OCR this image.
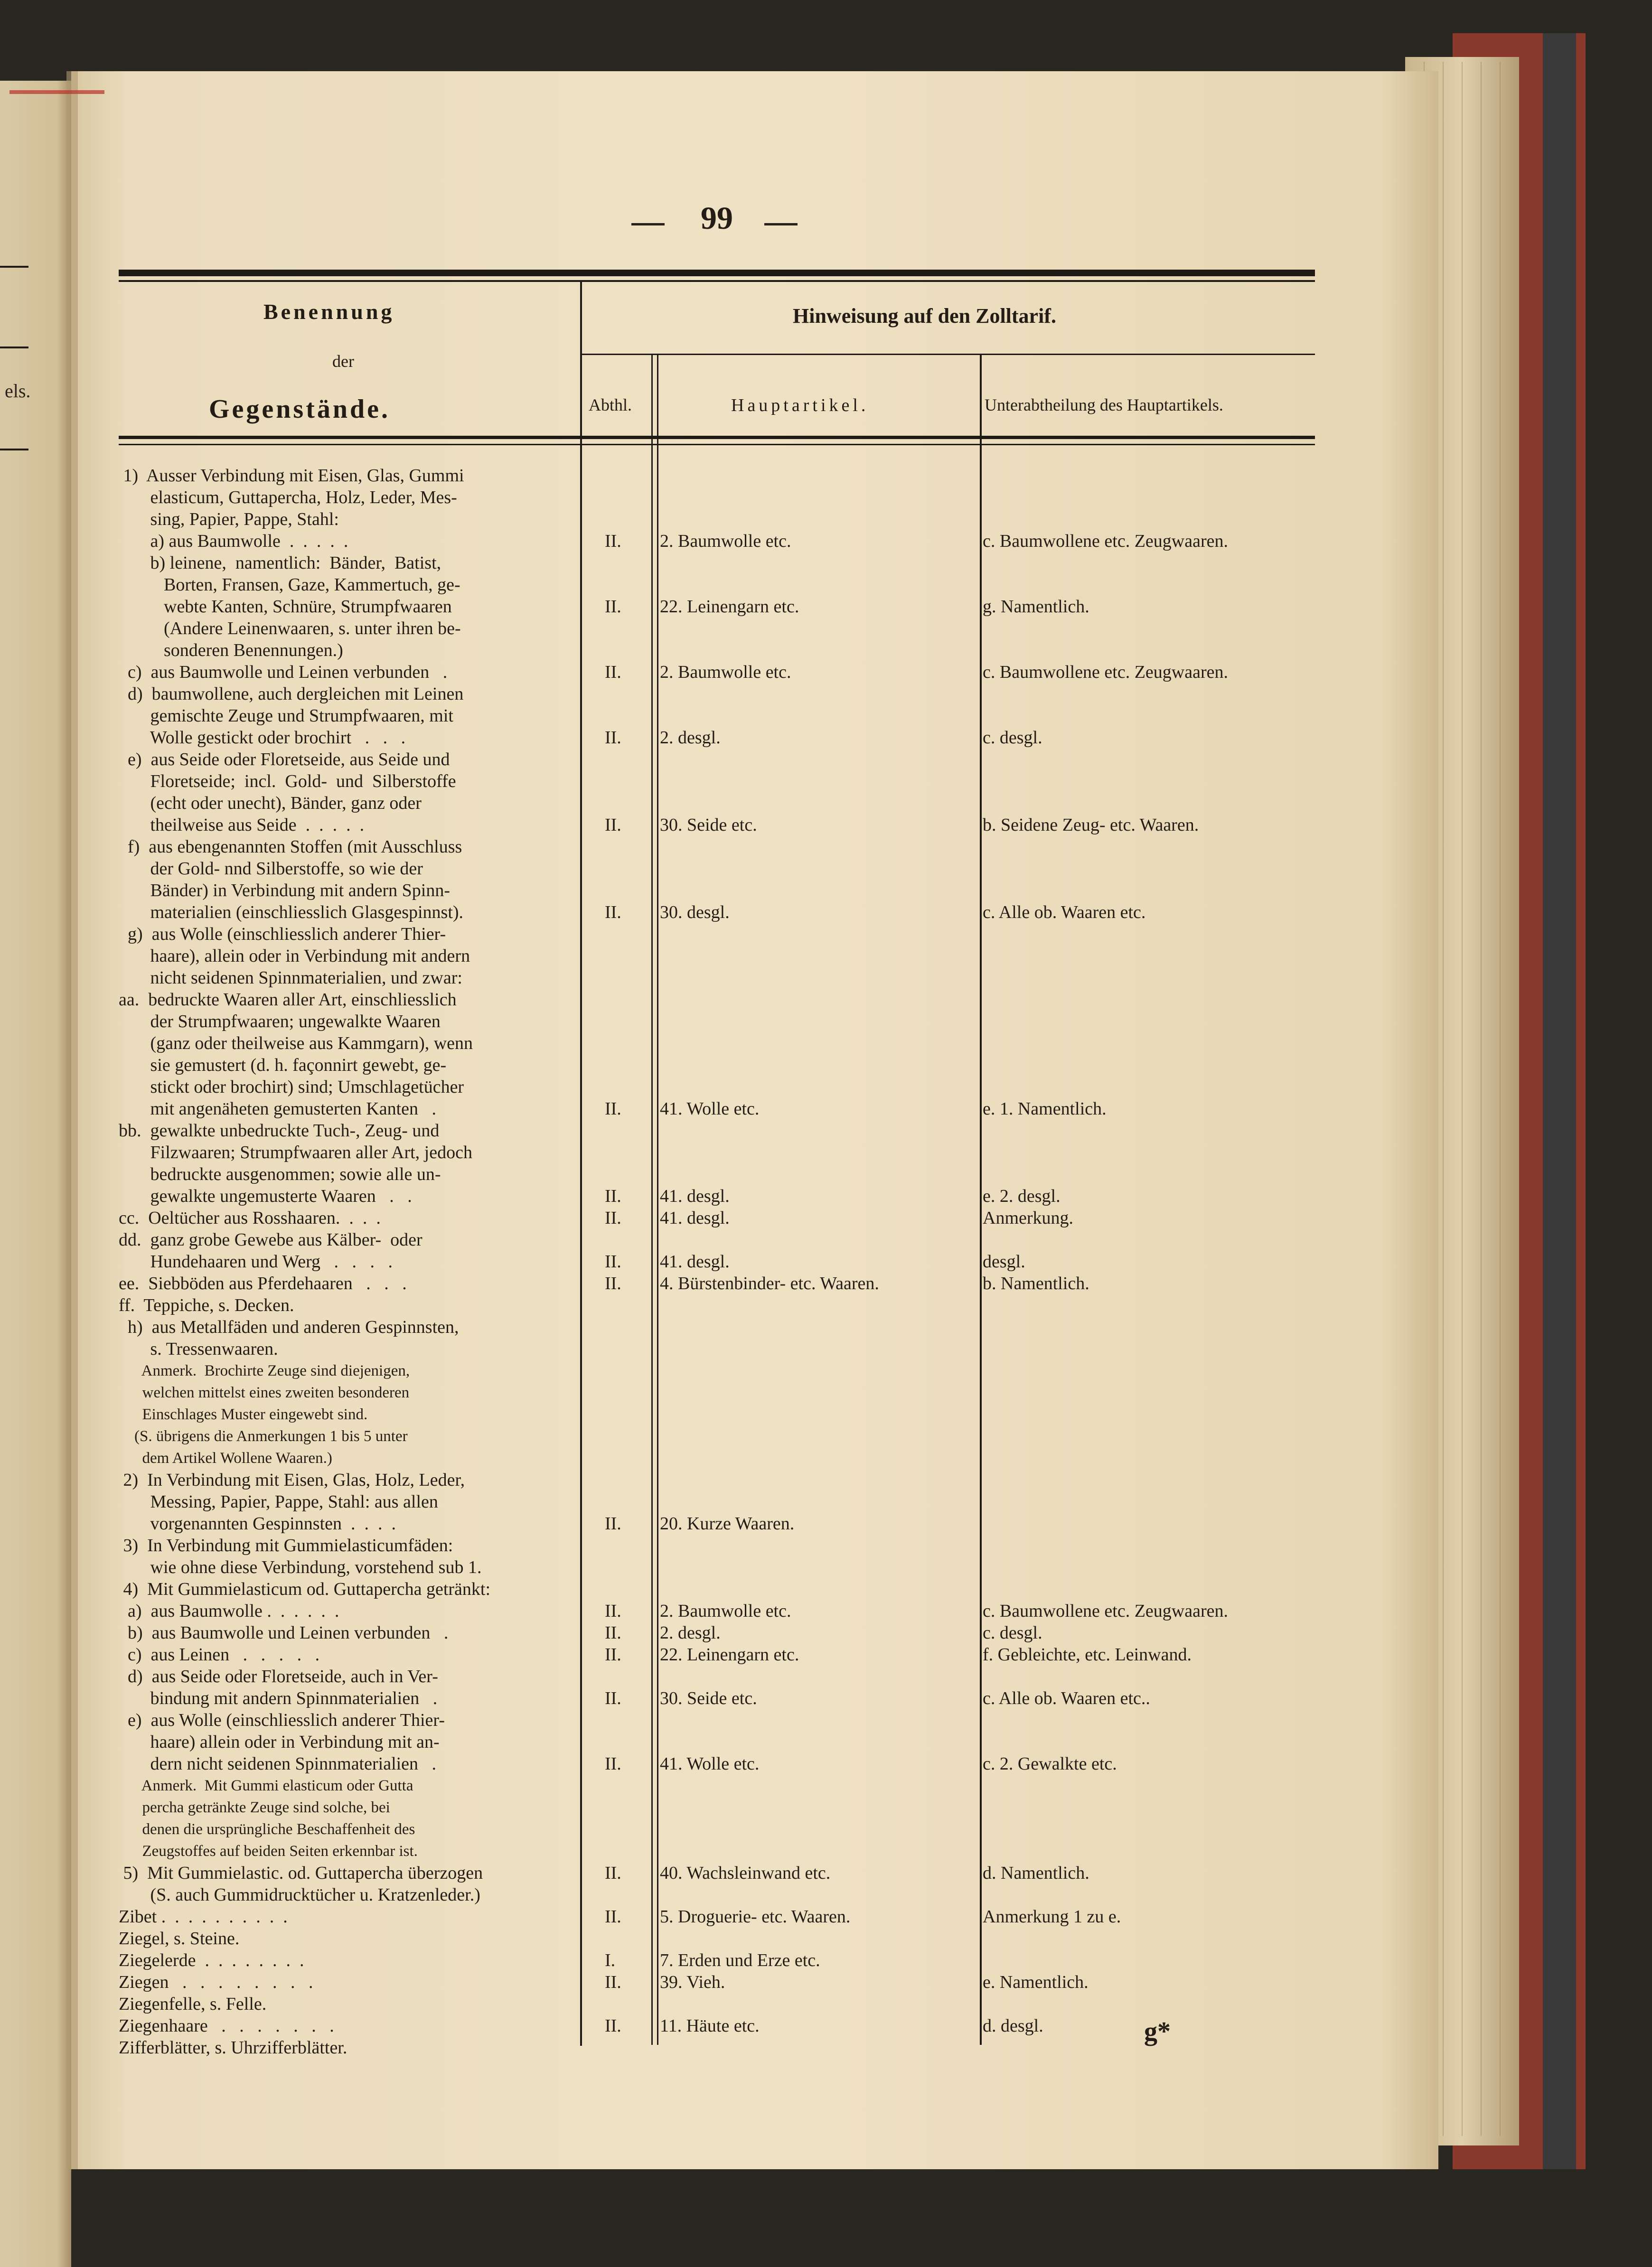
els.
99
Benennung
der
Gegenstände.
Hinweisung auf den Zolltarif.
Abthl.	Hauptartikel.	Unterabtheilung des Hauptartikels.
1)  Ausser Verbindung mit Eisen, Glas, Gummi
elasticum, Guttapercha, Holz, Leder, Mes-
sing, Papier, Pappe, Stahl:
a) aus Baumwolle  .  .  .  .  .	II. 2. Baumwolle etc.	c. Baumwollene etc. Zeugwaaren.
b) leinene,  namentlich:  Bänder,  Batist,
Borten, Fransen, Gaze, Kammertuch, ge-
webte Kanten, Schnüre, Strumpfwaaren	II. 22. Leinengarn etc.	g. Namentlich.
(Andere Leinenwaaren, s. unter ihren be-
sonderen Benennungen.)
c)  aus Baumwolle und Leinen verbunden   .	II. 2. Baumwolle etc.	c. Baumwollene etc. Zeugwaaren.
d)  baumwollene, auch dergleichen mit Leinen
gemischte Zeuge und Strumpfwaaren, mit
Wolle gestickt oder brochirt   .   .   .	II. 2. desgl.	c. desgl.
e)  aus Seide oder Floretseide, aus Seide und
Floretseide;  incl.  Gold-  und  Silberstoffe
(echt oder unecht), Bänder, ganz oder
theilweise aus Seide  .  .  .  .  .	II. 30. Seide etc.	b. Seidene Zeug- etc. Waaren.
f)  aus ebengenannten Stoffen (mit Ausschluss
der Gold- nnd Silberstoffe, so wie der
Bänder) in Verbindung mit andern Spinn-
materialien (einschliesslich Glasgespinnst).	II. 30. desgl.	c. Alle ob. Waaren etc.
g)  aus Wolle (einschliesslich anderer Thier-
haare), allein oder in Verbindung mit andern
nicht seidenen Spinnmaterialien, und zwar:
aa.  bedruckte Waaren aller Art, einschliesslich
der Strumpfwaaren; ungewalkte Waaren
(ganz oder theilweise aus Kammgarn), wenn
sie gemustert (d. h. façonnirt gewebt, ge-
stickt oder brochirt) sind; Umschlagetücher
mit angenäheten gemusterten Kanten   .	II. 41. Wolle etc.	e. 1. Namentlich.
bb.  gewalkte unbedruckte Tuch-, Zeug- und
Filzwaaren; Strumpfwaaren aller Art, jedoch
bedruckte ausgenommen; sowie alle un-
gewalkte ungemusterte Waaren   .   .	II. 41. desgl.	e. 2. desgl.
cc.  Oeltücher aus Rosshaaren.  .  .  .	II. 41. desgl.	Anmerkung.
dd.  ganz grobe Gewebe aus Kälber-  oder
Hundehaaren und Werg   .   .   .   .	II. 41. desgl.	desgl.
ee.  Siebböden aus Pferdehaaren   .   .   .	II. 4. Bürstenbinder- etc. Waaren.	b. Namentlich.
ff.  Teppiche, s. Decken.
h)  aus Metallfäden und anderen Gespinnsten,
s. Tressenwaaren.
Anmerk.  Brochirte Zeuge sind diejenigen,
welchen mittelst eines zweiten besonderen
Einschlages Muster eingewebt sind.
(S. übrigens die Anmerkungen 1 bis 5 unter
dem Artikel Wollene Waaren.)
2)  In Verbindung mit Eisen, Glas, Holz, Leder,
Messing, Papier, Pappe, Stahl: aus allen
vorgenannten Gespinnsten  .  .  .  .	II. 20. Kurze Waaren.
3)  In Verbindung mit Gummielasticumfäden:
wie ohne diese Verbindung, vorstehend sub 1.
4)  Mit Gummielasticum od. Guttapercha getränkt:
a)  aus Baumwolle .  .  .  .  .  .	II. 2. Baumwolle etc.	c. Baumwollene etc. Zeugwaaren.
b)  aus Baumwolle und Leinen verbunden   .	II. 2. desgl.	c. desgl.
c)  aus Leinen   .   .   .   .   .	II. 22. Leinengarn etc.	f. Gebleichte, etc. Leinwand.
d)  aus Seide oder Floretseide, auch in Ver-
bindung mit andern Spinnmaterialien   .	II. 30. Seide etc.	c. Alle ob. Waaren etc..
e)  aus Wolle (einschliesslich anderer Thier-
haare) allein oder in Verbindung mit an-
dern nicht seidenen Spinnmaterialien   .	II. 41. Wolle etc.	c. 2. Gewalkte etc.
Anmerk.  Mit Gummi elasticum oder Gutta
percha getränkte Zeuge sind solche, bei
denen die ursprüngliche Beschaffenheit des
Zeugstoffes auf beiden Seiten erkennbar ist.
5)  Mit Gummielastic. od. Guttapercha überzogen	II. 40. Wachsleinwand etc.	d. Namentlich.
(S. auch Gummidrucktücher u. Kratzenleder.)
Zibet .  .  .  .  .  .  .  .  .  .	II. 5. Droguerie- etc. Waaren.	Anmerkung 1 zu e.
Ziegel, s. Steine.
Ziegelerde  .  .  .  .  .  .  .  .	I. 7. Erden und Erze etc.
Ziegen   .   .   .   .   .   .   .   .	II. 39. Vieh.	e. Namentlich.
Ziegenfelle, s. Felle.
Ziegenhaare   .   .   .   .   .   .   .	II. 11. Häute etc.	d. desgl.
Zifferblätter, s. Uhrzifferblätter.
g*
